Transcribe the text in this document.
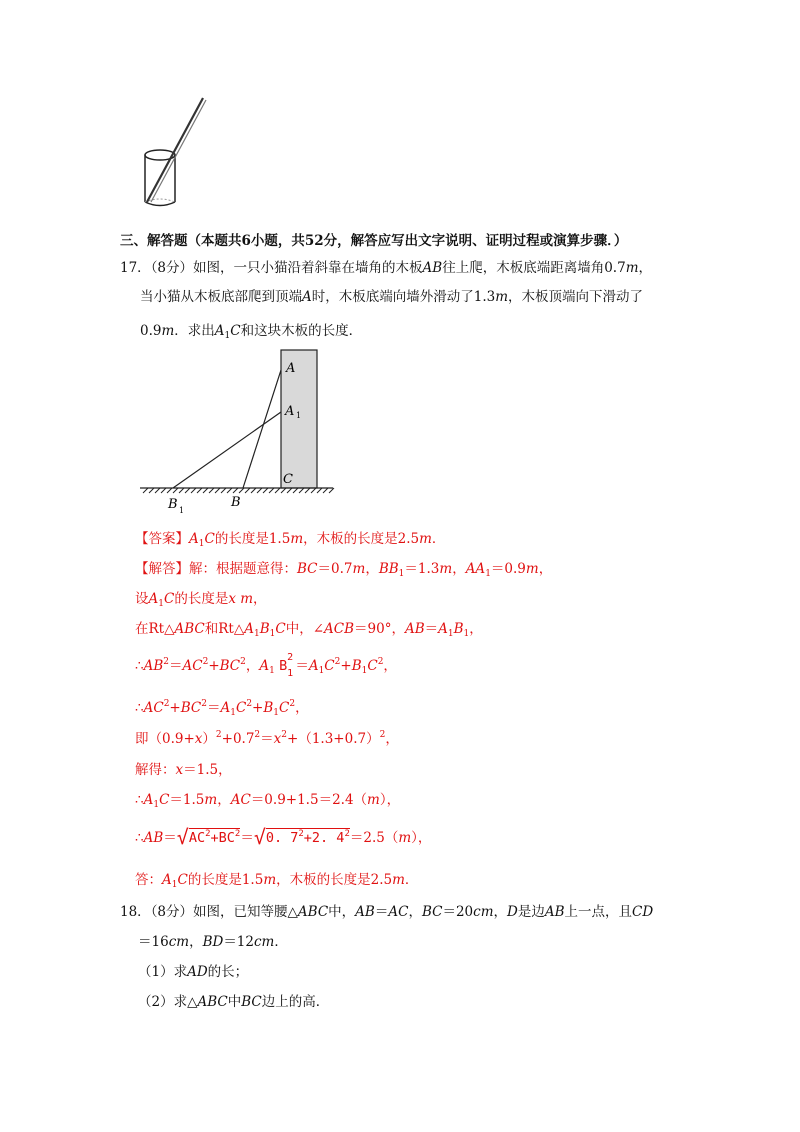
三、解答题（本题共6小题，共52分，解答应写出文字说明、证明过程或演算步骤．）
17．（8分）如图，一只小猫沿着斜靠在墙角的木板AB往上爬，木板底端距离墙角0.7m，
当小猫从木板底部爬到顶端A时，木板底端向墙外滑动了1.3m，木板顶端向下滑动了
0.9m．求出$A_1C$和这块木板的长度．
A
A 1
C
B
B 1
【答案】$A_1C$的长度是1.5m，木板的长度是2.5m．
【解答】解：根据题意得：BC＝0.7m，$BB_1=1.3m$，$AA_1=0.9m$，
设$A_1C$的长度是x m，
在Rt△ABC和$Rt\triangle A_1B_1C$中，∠ACB＝90°，$AB=A_1B_1$，
$\therefore AB^2=AC^2+BC^2$，$A_1$ B
2
$1 =A_1C^2+B_1C^2$，
$\therefore AC^2+BC^2=A_1C^2+B_1C^2$，
即$(0.9+x)^2+0.7^2=x^2+(1.3+0.7)^2$，
解得：x＝1.5，
$\therefore A_1C=1.5m$，AC＝0.9+1.5＝2.4（m），
$\therefore AB=√AC^2+BC^2=√0$. $7^2+2$. $4^2=2.5(m)$，
答：$A_1C$的长度是1.5m，木板的长度是2.5m．
18．（8分）如图，已知等腰△ABC中，AB＝AC，BC＝20cm，D是边AB上一点，且CD
＝16cm，BD＝12cm．
（1）求AD的长；
（2）求△ABC中BC边上的高．
